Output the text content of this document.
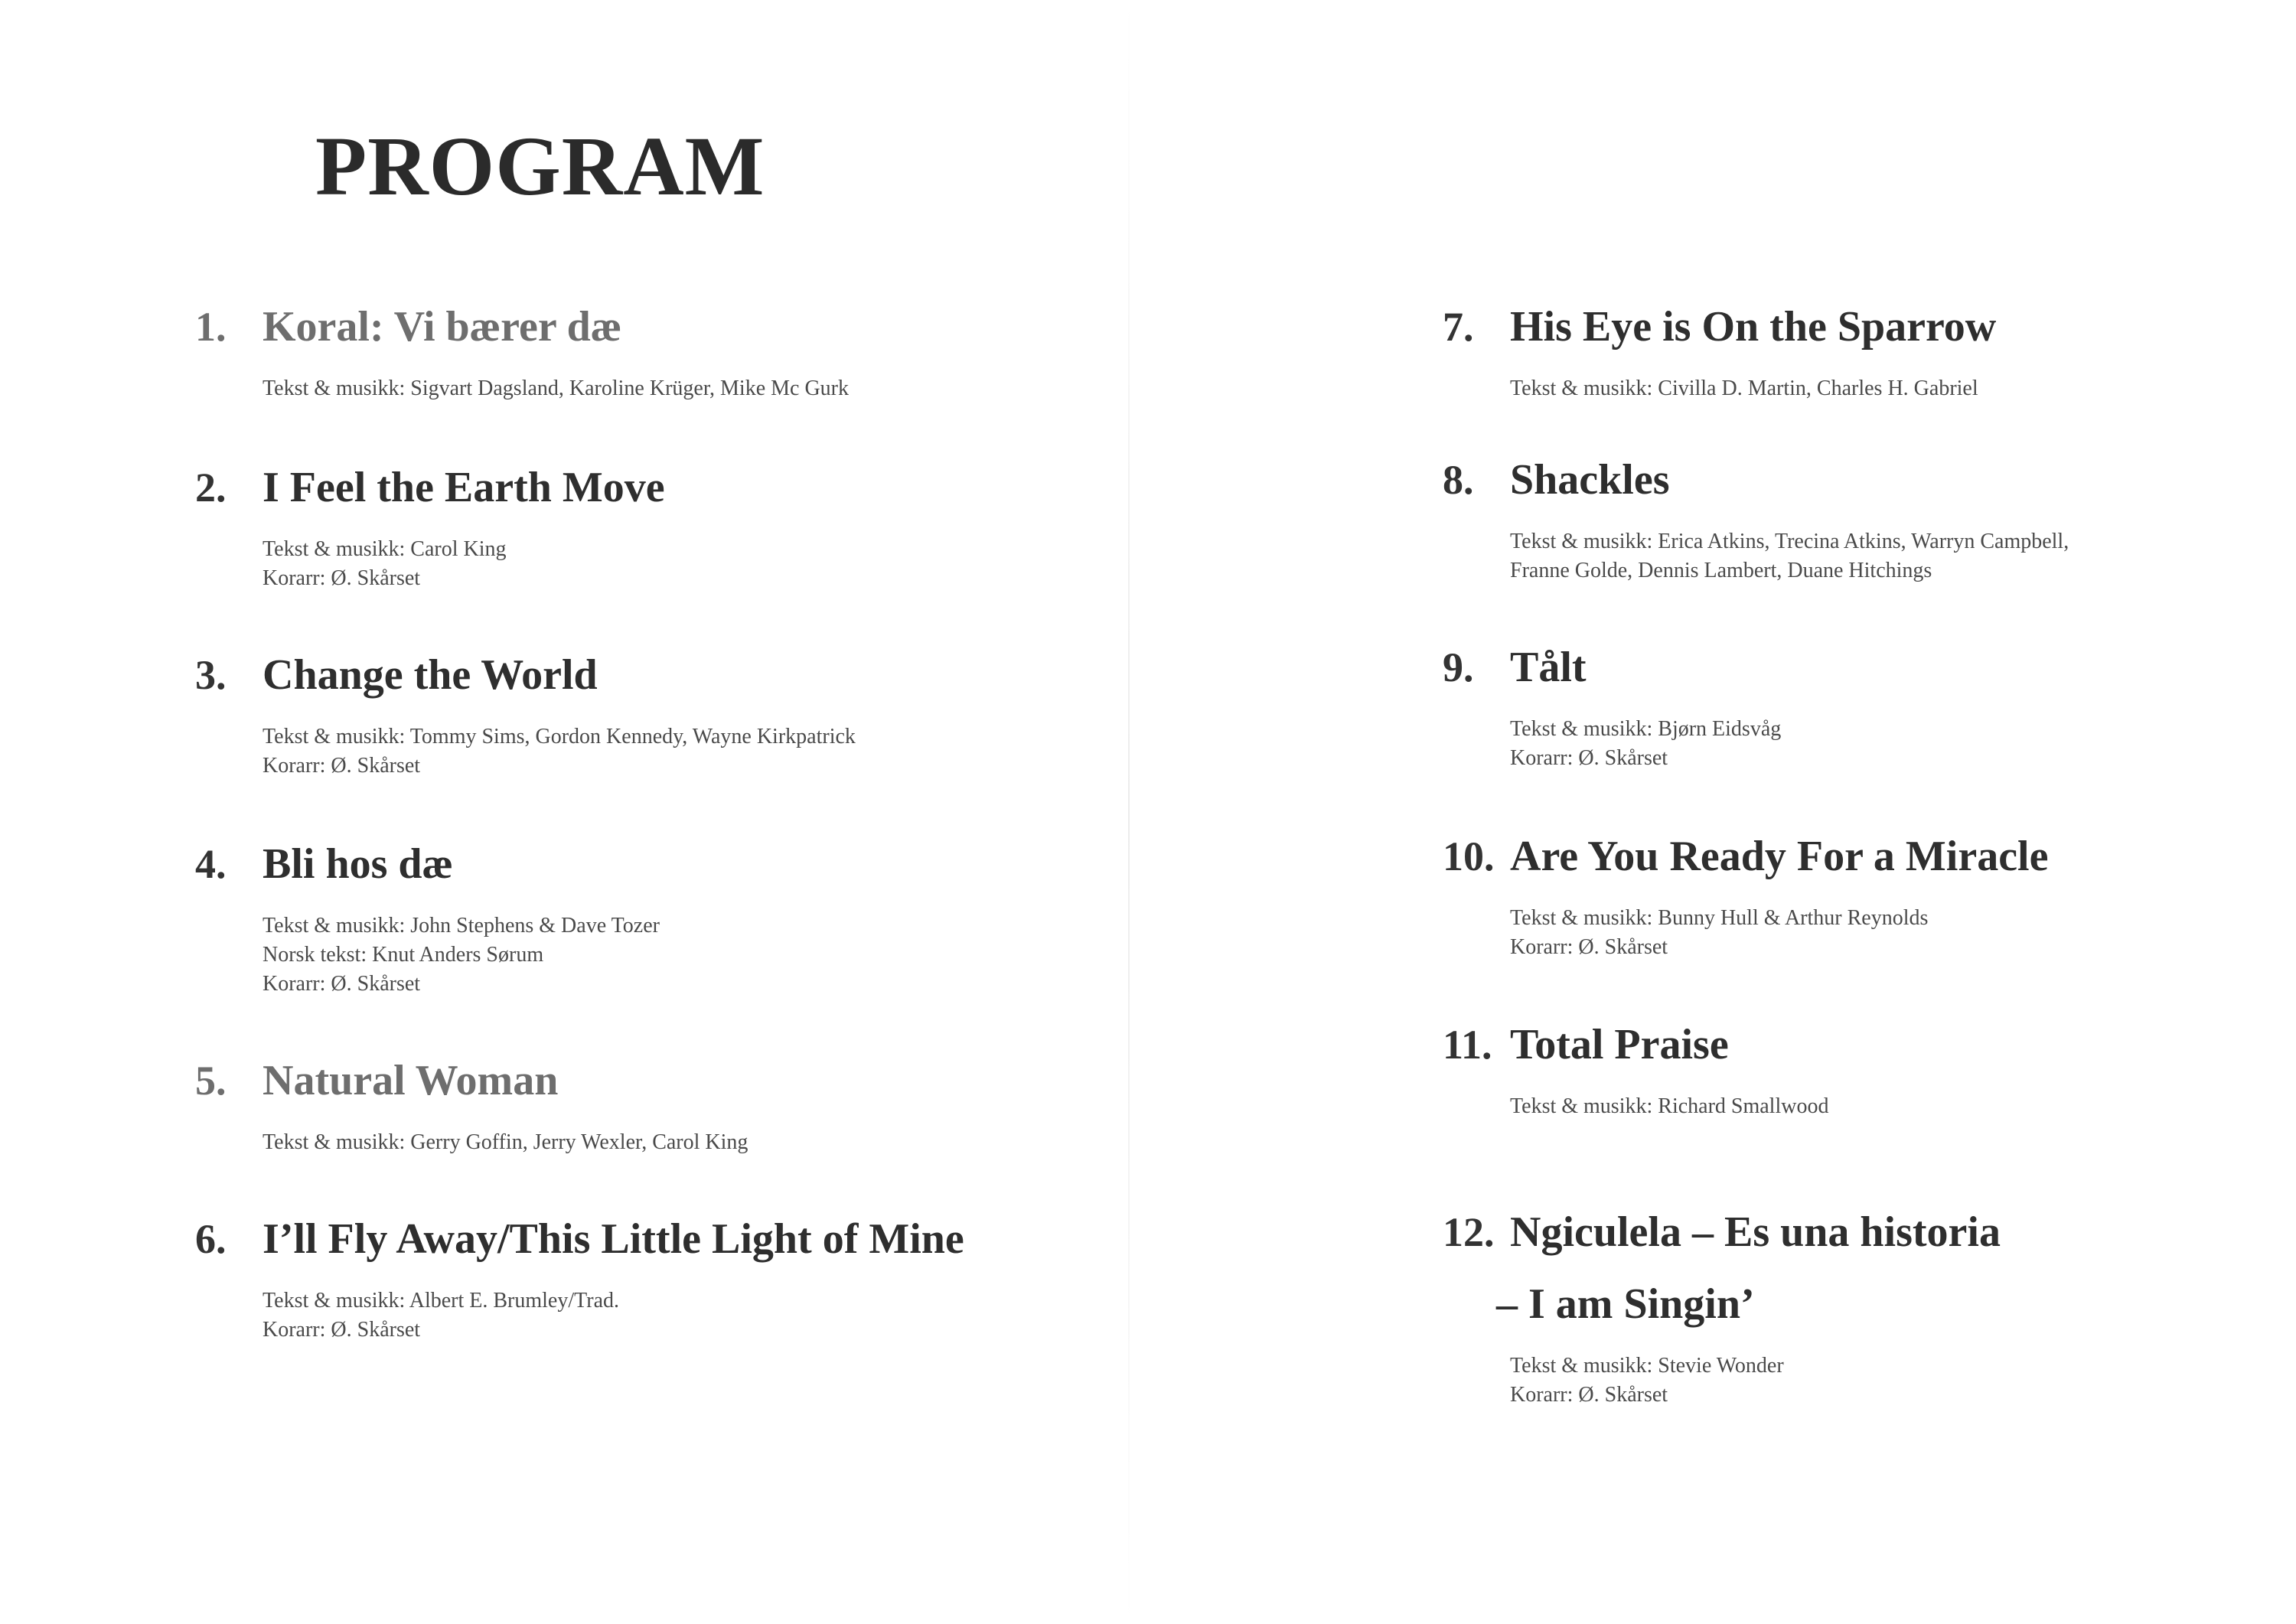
PROGRAM
1. Koral: Vi bærer dæ
Tekst & musikk: Sigvart Dagsland, Karoline Krüger, Mike Mc Gurk
2. I Feel the Earth Move
Tekst & musikk: Carol King
Korarr: Ø. Skårset
3. Change the World
Tekst & musikk: Tommy Sims, Gordon Kennedy, Wayne Kirkpatrick
Korarr: Ø. Skårset
4. Bli hos dæ
Tekst & musikk: John Stephens & Dave Tozer
Norsk tekst: Knut Anders Sørum
Korarr: Ø. Skårset
5. Natural Woman
Tekst & musikk: Gerry Goffin, Jerry Wexler, Carol King
6. I’ll Fly Away/This Little Light of Mine
Tekst & musikk: Albert E. Brumley/Trad.
Korarr: Ø. Skårset
7. His Eye is On the Sparrow
Tekst & musikk: Civilla D. Martin, Charles H. Gabriel
8. Shackles
Tekst & musikk: Erica Atkins, Trecina Atkins, Warryn Campbell,
Franne Golde, Dennis Lambert, Duane Hitchings
9. Tålt
Tekst & musikk: Bjørn Eidsvåg
Korarr: Ø. Skårset
10. Are You Ready For a Miracle
Tekst & musikk: Bunny Hull & Arthur Reynolds
Korarr: Ø. Skårset
11. Total Praise
Tekst & musikk: Richard Smallwood
12. Ngiculela – Es una historia
– I am Singin’
Tekst & musikk: Stevie Wonder
Korarr: Ø. Skårset
